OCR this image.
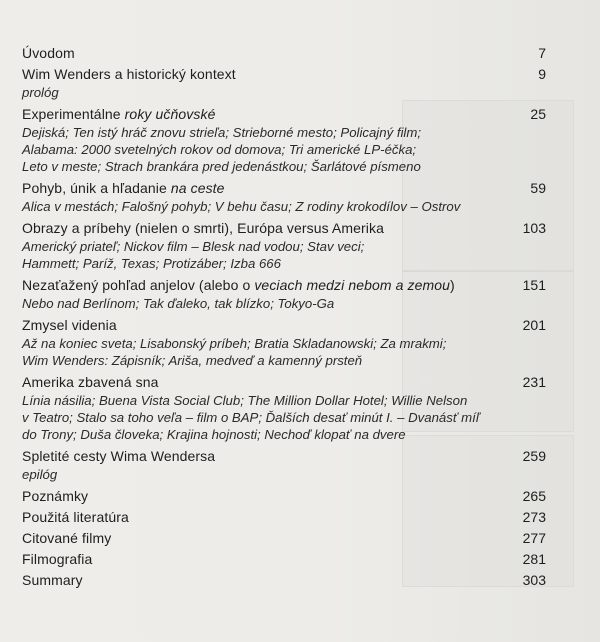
Úvodom	7
Wim Wenders a historický kontext	9
prológ
Experimentálne roky učňovské	25
Dejiská; Ten istý hráč znovu strieľa; Strieborné mesto; Policajný film;
Alabama: 2000 svetelných rokov od domova; Tri americké LP-éčka;
Leto v meste; Strach brankára pred jedenástkou; Šarlátové písmeno
Pohyb, únik a hľadanie na ceste	59
Alica v mestách; Falošný pohyb; V behu času; Z rodiny krokodílov – Ostrov
Obrazy a príbehy (nielen o smrti), Európa versus Amerika	103
Americký priateľ; Nickov film – Blesk nad vodou; Stav veci;
Hammett; Paríž, Texas; Protizáber; Izba 666
Nezaťažený pohľad anjelov (alebo o veciach medzi nebom a zemou)	151
Nebo nad Berlínom; Tak ďaleko, tak blízko; Tokyo-Ga
Zmysel videnia	201
Až na koniec sveta; Lisabonský príbeh; Bratia Skladanowski; Za mrakmi;
Wim Wenders: Zápisník; Ariša, medveď a kamenný prsteň
Amerika zbavená sna	231
Línia násilia; Buena Vista Social Club; The Million Dollar Hotel; Willie Nelson
v Teatro; Stalo sa toho veľa – film o BAP; Ďalších desať minút I. – Dvanásť míľ
do Trony; Duša človeka; Krajina hojnosti; Nechoď klopať na dvere
Spletité cesty Wima Wendersa	259
epilóg
Poznámky	265
Použitá literatúra	273
Citované filmy	277
Filmografia	281
Summary	303
